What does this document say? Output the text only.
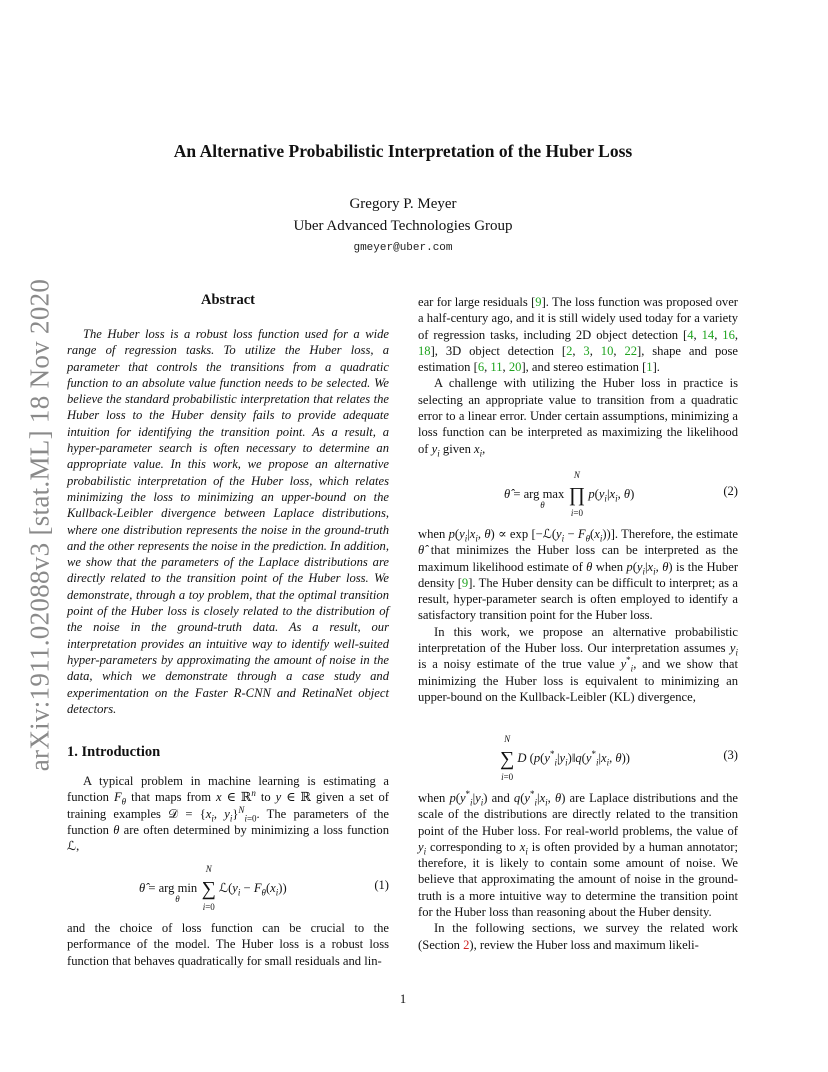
arXiv:1911.02088v3 [stat.ML] 18 Nov 2020
An Alternative Probabilistic Interpretation of the Huber Loss
Gregory P. Meyer
Uber Advanced Technologies Group
gmeyer@uber.com
Abstract

The Huber loss is a robust loss function used for a wide range of regression tasks. To utilize the Huber loss, a parameter that controls the transitions from a quadratic function to an absolute value function needs to be selected. We believe the standard probabilistic interpretation that relates the Huber loss to the Huber density fails to provide adequate intuition for identifying the transition point. As a result, a hyper-parameter search is often necessary to determine an appropriate value. In this work, we propose an alternative probabilistic interpretation of the Huber loss, which relates minimizing the loss to minimizing an upper-bound on the Kullback-Leibler divergence between Laplace distributions, where one distribution represents the noise in the ground-truth and the other represents the noise in the prediction. In addition, we show that the parameters of the Laplace distributions are directly related to the transition point of the Huber loss. We demonstrate, through a toy problem, that the optimal transition point of the Huber loss is closely related to the distribution of the noise in the ground-truth data. As a result, our interpretation provides an intuitive way to identify well-suited hyper-parameters by approximating the amount of noise in the data, which we demonstrate through a case study and experimentation on the Faster R-CNN and RetinaNet object detectors.

1. Introduction

A typical problem in machine learning is estimating a function $F_\theta$ that maps from x ∈ ℝ$^n$ to y ∈ ℝ given a set of training examples 𝒟 = {$x_i$, $y_i\}^N_{i=0}$. The parameters of the function θ are often determined by minimizing a loss function ℒ,

θ̂ = arg $\min_\theta$
N
∑
i=0
$ℒ(y_i - F_\theta(x_i))$	(1)

and the choice of loss function can be crucial to the performance of the model. The Huber loss is a robust loss function that behaves quadratically for small residuals and lin-

ear for large residuals [9]. The loss function was proposed over a half-century ago, and it is still widely used today for a variety of regression tasks, including 2D object detection [4, 14, 16, 18], 3D object detection [2, 3, 10, 22], shape and pose estimation [6, 11, 20], and stereo estimation [1].

A challenge with utilizing the Huber loss in practice is selecting an appropriate value to transition from a quadratic error to a linear error. Under certain assumptions, minimizing a loss function can be interpreted as maximizing the likelihood of $y_i$ given $x_i$,

θ̂ = arg $\max_\theta$
N
∏
i=0
$p(y_i|x_i$, θ)	(2)

when $p(y_i|x_i$, $\theta) \propto \exp [-ℒ(y_i - F_\theta(x_i))]$. Therefore, the estimate θ̂ that minimizes the Huber loss can be interpreted as the maximum likelihood estimate of θ when $p(y_i|x_i$, θ) is the Huber density [9]. The Huber density can be difficult to interpret; as a result, hyper-parameter search is often employed to identify a satisfactory transition point for the Huber loss.

In this work, we propose an alternative probabilistic interpretation of the Huber loss. Our interpretation assumes $y_i$ is a noisy estimate of the true value $y^*_i$, and we show that minimizing the Huber loss is equivalent to minimizing an upper-bound on the Kullback-Leibler (KL) divergence,

N
∑
i=0
D ($p(y^*_i|y_i)‖q(y^*_i|x_i$, θ))	(3)

when $p(y^*_i|y_i)$ and $q(y^*_i|x_i$, θ) are Laplace distributions and the scale of the distributions are directly related to the transition point of the Huber loss. For real-world problems, the value of $y_i$ corresponding to $x_i$ is often provided by a human annotator; therefore, it is likely to contain some amount of noise. We believe that approximating the amount of noise in the ground-truth is a more intuitive way to determine the transition point for the Huber loss than reasoning about the Huber density.

In the following sections, we survey the related work (Section 2), review the Huber loss and maximum likeli-

1
